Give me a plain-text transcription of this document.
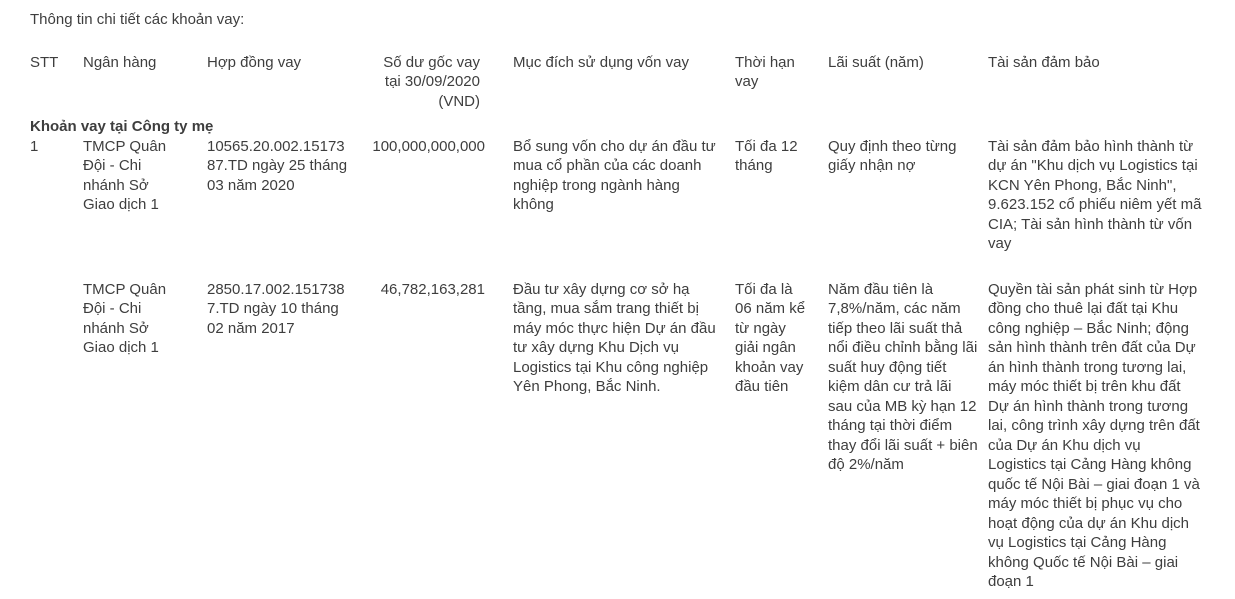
Thông tin chi tiết các khoản vay:

STT	Ngân hàng	Hợp đồng vay	Số dư gốc vay tại 30/09/2020 (VND)	Mục đích sử dụng vốn vay	Thời hạn vay	Lãi suất (năm)	Tài sản đảm bảo
Khoản vay tại Công ty mẹ							
1	TMCP Quân Đội - Chi nhánh Sở Giao dịch 1	10565.20.002.15173 87.TD ngày 25 tháng 03 năm 2020	100,000,000,000	Bổ sung vốn cho dự án đầu tư mua cổ phần của các doanh nghiệp trong ngành hàng không	Tối đa 12 tháng	Quy định theo từng giấy nhận nợ	Tài sản đảm bảo hình thành từ dự án "Khu dịch vụ Logistics tại KCN Yên Phong, Bắc Ninh", 9.623.152 cổ phiếu niêm yết mã CIA; Tài sản hình thành từ vốn vay
	TMCP Quân Đội - Chi nhánh Sở Giao dịch 1	2850.17.002.151738 7.TD ngày 10 tháng 02 năm 2017	46,782,163,281	Đầu tư xây dựng cơ sở hạ tầng, mua sắm trang thiết bị máy móc thực hiện Dự án đầu tư xây dựng Khu Dịch vụ Logistics tại Khu công nghiệp Yên Phong, Bắc Ninh.	Tối đa là 06 năm kể từ ngày giải ngân khoản vay đầu tiên	Năm đầu tiên là 7,8%/năm, các năm tiếp theo lãi suất thả nổi điều chỉnh bằng lãi suất huy động tiết kiệm dân cư trả lãi sau của MB kỳ hạn 12 tháng tại thời điểm thay đổi lãi suất + biên độ 2%/năm	Quyền tài sản phát sinh từ Hợp đồng cho thuê lại đất tại Khu công nghiệp – Bắc Ninh; động sản hình thành trên đất của Dự án hình thành trong tương lai, máy móc thiết bị trên khu đất Dự án hình thành trong tương lai, công trình xây dựng trên đất của Dự án Khu dịch vụ Logistics tại Cảng Hàng không quốc tế Nội Bài – giai đoạn 1 và máy móc thiết bị phục vụ cho hoạt động của dự án Khu dịch vụ Logistics tại Cảng Hàng không Quốc tế Nội Bài – giai đoạn 1
